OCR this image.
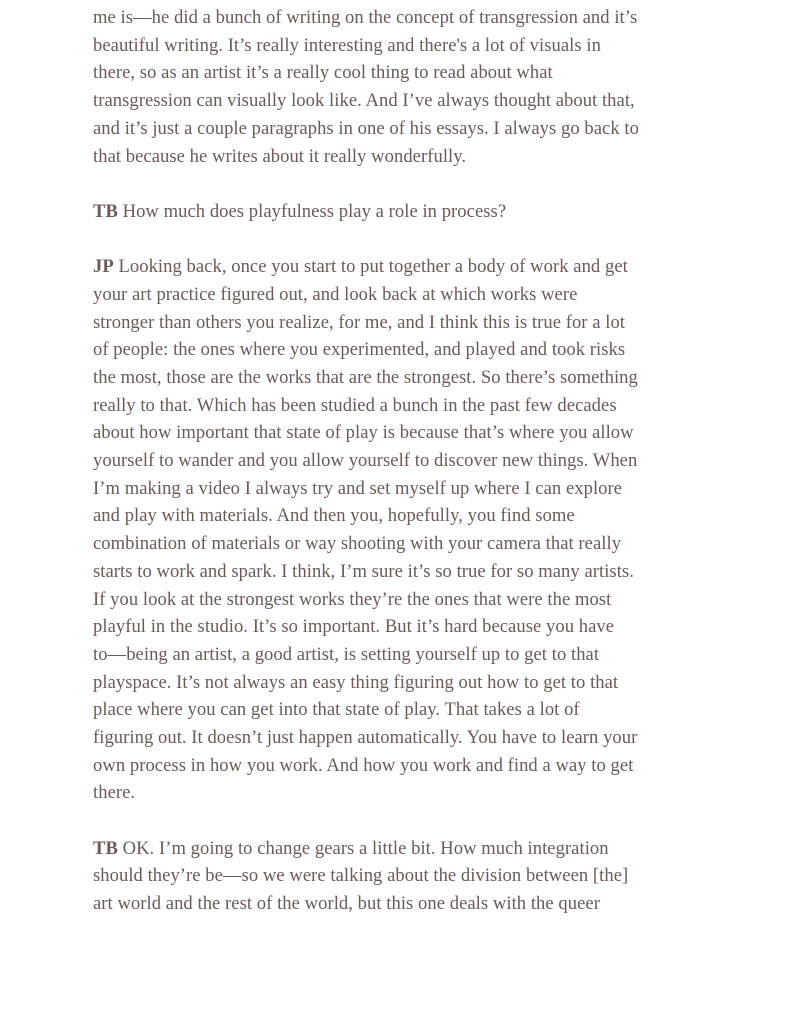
me is—he did a bunch of writing on the concept of transgression and it’s
beautiful writing. It’s really interesting and there's a lot of visuals in
there, so as an artist it’s a really cool thing to read about what
transgression can visually look like. And I’ve always thought about that,
and it’s just a couple paragraphs in one of his essays. I always go back to
that because he writes about it really wonderfully.
TB How much does playfulness play a role in process?
JP Looking back, once you start to put together a body of work and get
your art practice figured out, and look back at which works were
stronger than others you realize, for me, and I think this is true for a lot
of people: the ones where you experimented, and played and took risks
the most, those are the works that are the strongest. So there’s something
really to that. Which has been studied a bunch in the past few decades
about how important that state of play is because that’s where you allow
yourself to wander and you allow yourself to discover new things. When
I’m making a video I always try and set myself up where I can explore
and play with materials. And then you, hopefully, you find some
combination of materials or way shooting with your camera that really
starts to work and spark. I think, I’m sure it’s so true for so many artists.
If you look at the strongest works they’re the ones that were the most
playful in the studio. It’s so important. But it’s hard because you have
to—being an artist, a good artist, is setting yourself up to get to that
playspace. It’s not always an easy thing figuring out how to get to that
place where you can get into that state of play. That takes a lot of
figuring out. It doesn’t just happen automatically. You have to learn your
own process in how you work. And how you work and find a way to get
there.
TB OK. I’m going to change gears a little bit. How much integration
should they’re be—so we were talking about the division between [the]
art world and the rest of the world, but this one deals with the queer
